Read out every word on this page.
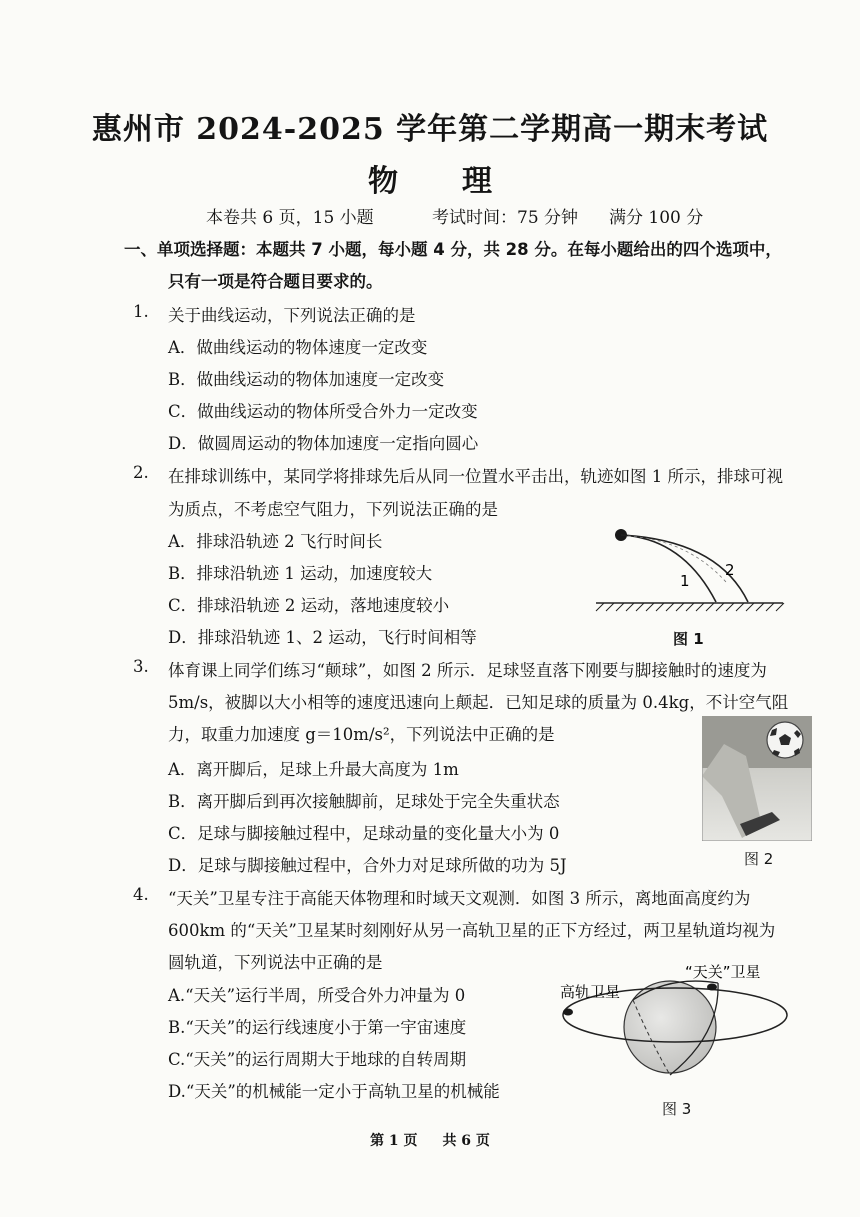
惠州市 2024-2025 学年第二学期高一期末考试
物 理
本卷共 6 页，15 小题	考试时间：75 分钟 满分 100 分
一、单项选择题：本题共 7 小题，每小题 4 分，共 28 分。在每小题给出的四个选项中，
只有一项是符合题目要求的。
1. 关于曲线运动，下列说法正确的是
A．做曲线运动的物体速度一定改变
B．做曲线运动的物体加速度一定改变
C．做曲线运动的物体所受合外力一定改变
D．做圆周运动的物体加速度一定指向圆心
2. 在排球训练中，某同学将排球先后从同一位置水平击出，轨迹如图 1 所示，排球可视
为质点，不考虑空气阻力，下列说法正确的是
A．排球沿轨迹 2 飞行时间长
B．排球沿轨迹 1 运动，加速度较大
C．排球沿轨迹 2 运动，落地速度较小
D．排球沿轨迹 1、2 运动，飞行时间相等
1
2
图 1
3. 体育课上同学们练习“颠球”，如图 2 所示．足球竖直落下刚要与脚接触时的速度为
5m/s，被脚以大小相等的速度迅速向上颠起．已知足球的质量为 0.4kg，不计空气阻
力，取重力加速度 g＝10m/s²，下列说法中正确的是
A．离开脚后，足球上升最大高度为 1m
B．离开脚后到再次接触脚前，足球处于完全失重状态
C．足球与脚接触过程中，足球动量的变化量大小为 0
D．足球与脚接触过程中，合外力对足球所做的功为 5J	图 2
4. “天关”卫星专注于高能天体物理和时域天文观测．如图 3 所示，离地面高度约为
600km 的“天关”卫星某时刻刚好从另一高轨卫星的正下方经过，两卫星轨道均视为
圆轨道，下列说法中正确的是
A.“天关”运行半周，所受合外力冲量为 0
B.“天关”的运行线速度小于第一宇宙速度
C.“天关”的运行周期大于地球的自转周期
D.“天关”的机械能一定小于高轨卫星的机械能
高轨卫星
“天关”卫星
图 3
第 1 页 共 6 页
